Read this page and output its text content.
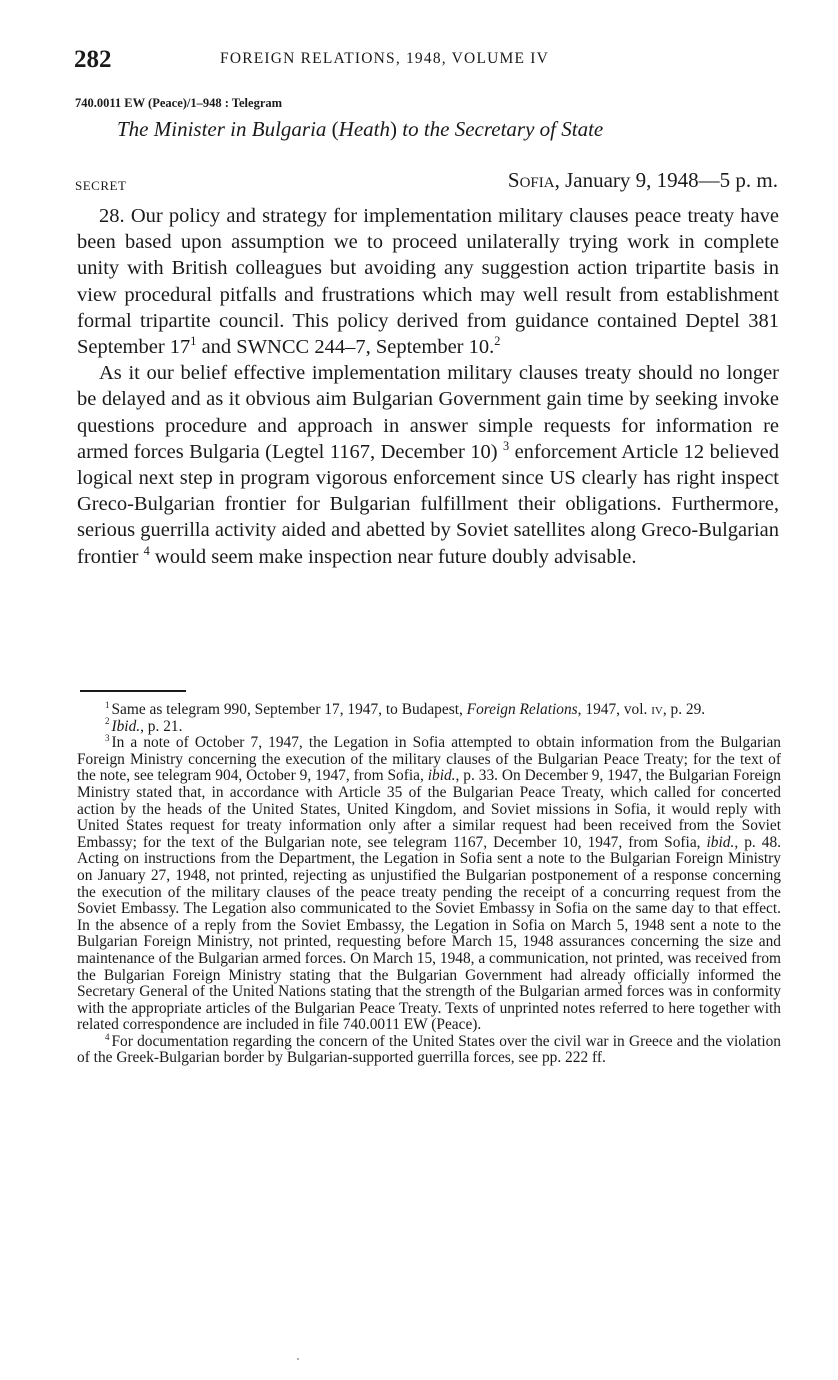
282	FOREIGN RELATIONS, 1948, VOLUME IV
740.0011 EW (Peace)/1–948 : Telegram
The Minister in Bulgaria (Heath) to the Secretary of State
SECRET	Sofia, January 9, 1948—5 p. m.

28. Our policy and strategy for implementation military clauses peace treaty have been based upon assumption we to proceed unilaterally trying work in complete unity with British colleagues but avoiding any suggestion action tripartite basis in view procedural pitfalls and frustrations which may well result from establishment formal tripartite council. This policy derived from guidance contained Deptel 381 September $17^1$ and SWNCC 244–7, September 10.$^2$

As it our belief effective implementation military clauses treaty should no longer be delayed and as it obvious aim Bulgarian Government gain time by seeking invoke questions procedure and approach in answer simple requests for information re armed forces Bulgaria (Legtel 1167, December 10) $^3$ enforcement Article 12 believed logical next step in program vigorous enforcement since US clearly has right inspect Greco-Bulgarian frontier for Bulgarian fulfillment their obligations. Furthermore, serious guerrilla activity aided and abetted by Soviet satellites along Greco-Bulgarian frontier $^4$ would seem make inspection near future doubly advisable.

$^1$ Same as telegram 990, September 17, 1947, to Budapest, Foreign Relations, 1947, vol. iv, p. 29.

$^2$ Ibid., p. 21.

$^3$ In a note of October 7, 1947, the Legation in Sofia attempted to obtain information from the Bulgarian Foreign Ministry concerning the execution of the military clauses of the Bulgarian Peace Treaty; for the text of the note, see telegram 904, October 9, 1947, from Sofia, ibid., p. 33. On December 9, 1947, the Bulgarian Foreign Ministry stated that, in accordance with Article 35 of the Bulgarian Peace Treaty, which called for concerted action by the heads of the United States, United Kingdom, and Soviet missions in Sofia, it would reply with United States request for treaty information only after a similar request had been received from the Soviet Embassy; for the text of the Bulgarian note, see telegram 1167, December 10, 1947, from Sofia, ibid., p. 48. Acting on instructions from the Department, the Legation in Sofia sent a note to the Bulgarian Foreign Ministry on January 27, 1948, not printed, rejecting as unjustified the Bulgarian postponement of a response concerning the execution of the military clauses of the peace treaty pending the receipt of a concurring request from the Soviet Embassy. The Legation also communicated to the Soviet Embassy in Sofia on the same day to that effect. In the absence of a reply from the Soviet Embassy, the Legation in Sofia on March 5, 1948 sent a note to the Bulgarian Foreign Ministry, not printed, requesting before March 15, 1948 assurances concerning the size and maintenance of the Bulgarian armed forces. On March 15, 1948, a communication, not printed, was received from the Bulgarian Foreign Ministry stating that the Bulgarian Government had already officially informed the Secretary General of the United Nations stating that the strength of the Bulgarian armed forces was in conformity with the appropriate articles of the Bulgarian Peace Treaty. Texts of unprinted notes referred to here together with related correspondence are included in file 740.0011 EW (Peace).

$^4$ For documentation regarding the concern of the United States over the civil war in Greece and the violation of the Greek-Bulgarian border by Bulgarian-supported guerrilla forces, see pp. 222 ff.
